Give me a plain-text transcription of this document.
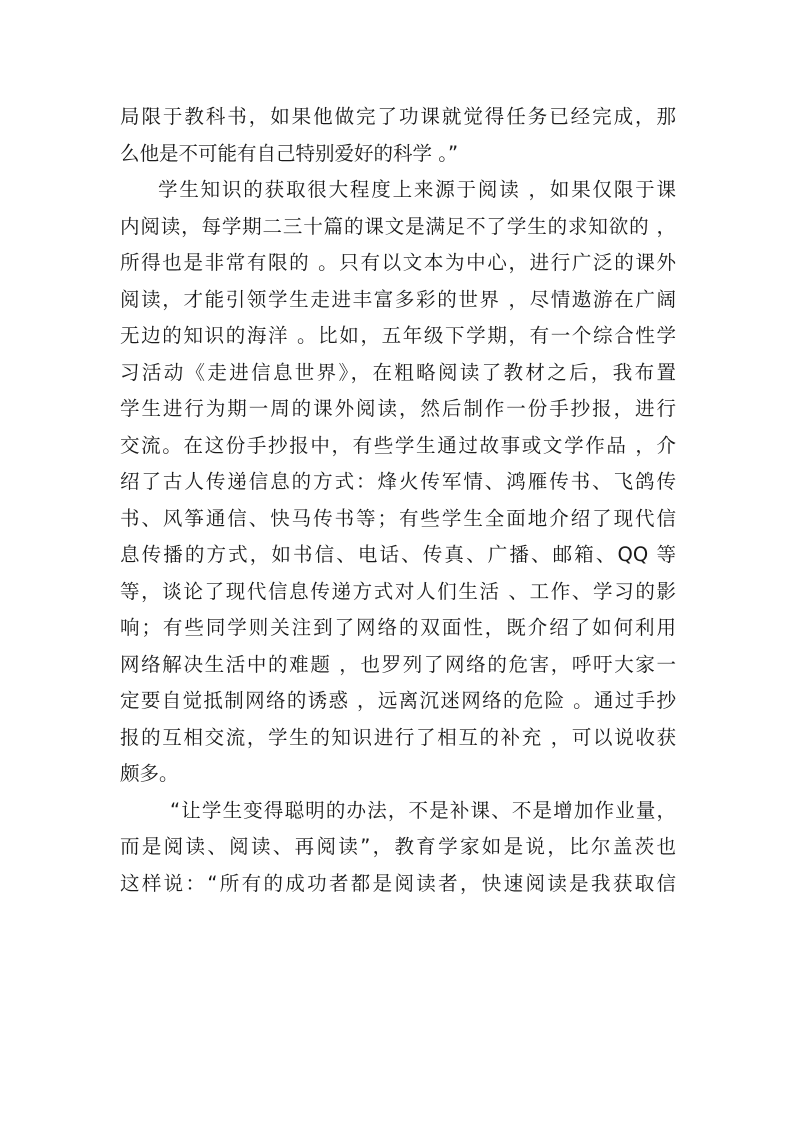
局限于教科书，如果他做完了功课就觉得任务已经完成，那
么他是不可能有自己特别爱好的科学 。”
学生知识的获取很大程度上来源于阅读 ，如果仅限于课
内阅读，每学期二三十篇的课文是满足不了学生的求知欲的 ，
所得也是非常有限的 。只有以文本为中心，进行广泛的课外
阅读，才能引领学生走进丰富多彩的世界 ，尽情遨游在广阔
无边的知识的海洋 。比如，五年级下学期，有一个综合性学
习活动《走进信息世界》，在粗略阅读了教材之后，我布置
学生进行为期一周的课外阅读，然后制作一份手抄报，进行
交流。在这份手抄报中，有些学生通过故事或文学作品 ，介
绍了古人传递信息的方式：烽火传军情、鸿雁传书、飞鸽传
书、风筝通信、快马传书等；有些学生全面地介绍了现代信
息传播的方式，如书信、电话、传真、广播、邮箱、QQ 等
等，谈论了现代信息传递方式对人们生活 、工作、学习的影
响；有些同学则关注到了网络的双面性，既介绍了如何利用
网络解决生活中的难题 ，也罗列了网络的危害，呼吁大家一
定要自觉抵制网络的诱惑 ，远离沉迷网络的危险 。通过手抄
报的互相交流，学生的知识进行了相互的补充 ，可以说收获
颇多。
“让学生变得聪明的办法，不是补课、不是增加作业量，
而是阅读、阅读、再阅读”，教育学家如是说，比尔盖茨也
这样说：“所有的成功者都是阅读者，快速阅读是我获取信
